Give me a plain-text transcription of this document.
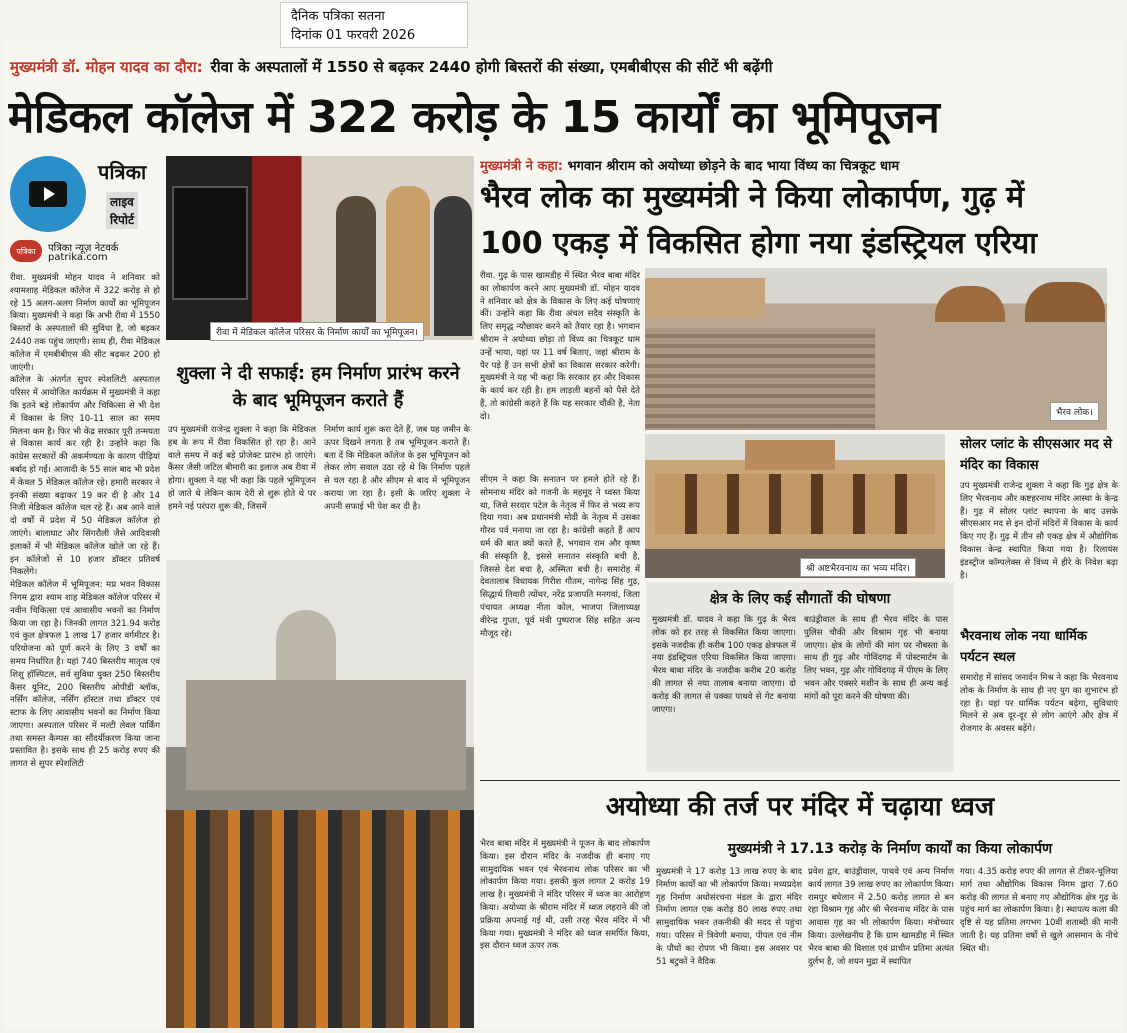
दैनिक पत्रिका सतना
दिनांक 01 फरवरी 2026
मुख्यमंत्री डॉ. मोहन यादव का दौरा: रीवा के अस्पतालों में 1550 से बढ़कर 2440 होगी बिस्तरों की संख्या, एमबीबीएस की सीटें भी बढ़ेंगी
मेडिकल कॉलेज में 322 करोड़ के 15 कार्यों का भूमिपूजन
पत्रिका
लाइव
रिपोर्ट
पत्रिका	पत्रिका न्यूज़ नेटवर्क
patrika.com

रीवा. मुख्यमंत्री मोहन यादव ने शनिवार को श्यामशाह मेडिकल कॉलेज में 322 करोड़ से हो रहे 15 अलग-अलग निर्माण कार्यों का भूमिपूजन किया। मुख्यमंत्री ने कहा कि अभी रीवा में 1550 बिस्तरों के अस्पतालों की सुविधा है, जो बढ़कर 2440 तक पहुंच जाएगी। साथ ही, रीवा मेडिकल कॉलेज में एमबीबीएस की सीट बढ़कर 200 हो जाएंगी।

कॉलेज के अंतर्गत सुपर स्पेशलिटी अस्पताल परिसर में आयोजित कार्यक्रम में मुख्यमंत्री ने कहा कि इतने बड़े लोकार्पण और चिकित्सा से भी देश में विकास के लिए 10-11 साल का समय मिलना कम है। फिर भी केंद्र सरकार पूरी तन्मयता से विकास कार्य कर रही है। उन्होंने कहा कि कांग्रेस सरकारों की अकर्मण्यता के कारण पीढ़ियां बर्बाद हो गईं। आजादी के 55 साल बाद भी प्रदेश में केवल 5 मेडिकल कॉलेज रहे। हमारी सरकार ने इनकी संख्या बढ़ाकर 19 कर दी है और 14 निजी मेडिकल कॉलेज चल रहे हैं। अब आने वाले दो वर्षों में प्रदेश में 50 मेडिकल कॉलेज हो जाएंगे। बालाघाट और सिंगरौली जैसे आदिवासी इलाकों में भी मेडिकल कॉलेज खोले जा रहे हैं। इन कॉलेजों से 10 हजार डॉक्टर प्रतिवर्ष निकलेंगे।

मेडिकल कॉलेज में भूमिपूजन: मप्र भवन विकास निगम द्वारा श्याम शाह मेडिकल कॉलेज परिसर में नवीन चिकित्सा एवं आवासीय भवनों का निर्माण किया जा रहा है। जिनकी लागत 321.94 करोड़ एवं कुल क्षेत्रफल 1 लाख 17 हजार वर्गमीटर है। परियोजना को पूर्ण करने के लिए 3 वर्षों का समय निर्धारित है। यहां 740 बिस्तरीय मातृत्व एवं शिशु हॉस्पिटल, सर्व सुविधा युक्त 250 बिस्तरीय कैंसर यूनिट, 200 बिस्तरीय ओपीडी ब्लॉक, नर्सिंग कॉलेज, नर्सिंग हॉस्टल तथा डॉक्टर एवं स्टाफ के लिए आवासीय भवनों का निर्माण किया जाएगा। अस्पताल परिसर में मल्टी लेवल पार्किंग तथा समस्त कैम्पस का सौंदर्यीकरण किया जाना प्रस्तावित है। इसके साथ ही 25 करोड़ रुपए की लागत से सुपर स्पेशलिटी

रीवा में मेडिकल कॉलेज परिसर के निर्माण कार्यों का भूमिपूजन।
शुक्ला ने दी सफाई: हम निर्माण प्रारंभ करने के बाद भूमिपूजन कराते हैं
उप मुख्यमंत्री राजेन्द्र शुक्ला ने कहा कि मेडिकल हब के रूप में रीवा विकसित हो रहा है। आने वाले समय में कई बड़े प्रोजेक्ट प्रारंभ हो जाएंगे। कैंसर जैसी जटिल बीमारी का इलाज अब रीवा में होगा। शुक्ला ने यह भी कहा कि पहले भूमिपूजन हो जाते थे लेकिन काम देरी से शुरू होते थे पर हमने नई परंपरा शुरू की, जिसमें
निर्माण कार्य शुरू करा देते हैं, जब यह जमीन के ऊपर दिखने लगता है तब भूमिपूजन कराते हैं। बता दें कि मेडिकल कॉलेज के इस भूमिपूजन को लेकर लोग सवाल उठा रहे थे कि निर्माण पहले से चल रहा है और सीएम से बाद में भूमिपूजन कराया जा रहा है। इसी के जरिए शुक्ला ने अपनी सफाई भी पेश कर दी है।
मुख्यमंत्री ने कहा: भगवान श्रीराम को अयोध्या छोड़ने के बाद भाया विंध्य का चित्रकूट धाम
भैरव लोक का मुख्यमंत्री ने किया लोकार्पण, गुढ़ में
100 एकड़ में विकसित होगा नया इंडस्ट्रियल एरिया
रीवा. गुढ़ के पास खामडीह में स्थित भैरव बाबा मंदिर का लोकार्पण करने आए मुख्यमंत्री डॉ. मोहन यादव ने शनिवार को क्षेत्र के विकास के लिए कई घोषणाएं कीं। उन्होंने कहा कि रीवा अंचल सदैव संस्कृति के लिए समृद्ध न्यौछावर करने को तैयार रहा है। भगवान श्रीराम ने अयोध्या छोड़ा तो विंध्य का चित्रकूट धाम उन्हें भाया, यहां पर 11 वर्ष बिताए, जहां श्रीराम के पैर पड़े हैं उन सभी क्षेत्रों का विकास सरकार करेगी। मुख्यमंत्री ने यह भी कहा कि सरकार हर और विकास के कार्य कर रही है। हम लाड़ली बहनों को पैसे देते हैं, तो कांग्रेसी कहते हैं कि यह सरकार चौंकी है, नेता दो।
सीएम ने कहा कि सनातन पर हमले होते रहे हैं। सोमनाथ मंदिर को गजनी के महमूद ने ध्वस्त किया था, जिसे सरदार पटेल के नेतृत्व में फिर से भव्य रूप दिया गया। अब प्रधानमंत्री मोदी के नेतृत्व में उसका गौरव पर्व मनाया जा रहा है। कांग्रेसी कहते हैं आप धर्म की बात क्यों करते हैं, भगवान राम और कृष्ण की संस्कृति है, इससे सनातन संस्कृति बची है, जिससे देश बचा है, अस्मिता बची है। समारोह में देवतालाब विधायक गिरीश गौतम, नागेन्द्र सिंह गुढ़, सिद्धार्थ तिवारी त्योंथर, नरेंद्र प्रजापति मनगवां, जिला पंचायत अध्यक्ष नीता कोल, भाजपा जिलाध्यक्ष वीरेन्द्र गुप्ता, पूर्व मंत्री पुष्पराज सिंह सहित अन्य मौजूद रहे।
भैरव लोक।
श्री अष्टभैरवनाथ का भव्य मंदिर।
सोलर प्लांट के सीएसआर मद से मंदिर का विकास
उप मुख्यमंत्री राजेन्द्र शुक्ला ने कहा कि गुढ़ क्षेत्र के लिए भैरवनाथ और कष्टहरनाथ मंदिर आस्था के केन्द्र हैं। गुढ़ में सोलर प्लांट स्थापना के बाद उसके सीएसआर मद से इन दोनों मंदिरों में विकास के कार्य किए गए हैं। गुढ़ में तीन सौ एकड़ क्षेत्र में औद्योगिक विकास केन्द्र स्थापित किया गया है। रिलायंस इंडस्ट्रीज कॉम्पलेक्स से विंध्य में हीरे के निवेश बढ़ा है।
भैरवनाथ लोक नया धार्मिक पर्यटन स्थल
समारोह में सांसद जनार्दन मिश्र ने कहा कि भैरवनाथ लोक के निर्माण के साथ ही नए युग का शुभारंभ हो रहा है। यहां पर धार्मिक पर्यटन बढ़ेगा, सुविधाएं मिलने से अब दूर-दूर से लोग आएंगे और क्षेत्र में रोजगार के अवसर बढ़ेंगे।
क्षेत्र के लिए कई सौगातों की घोषणा
मुख्यमंत्री डॉ. यादव ने कहा कि गुढ़ के भैरव लोक को हर तरह से विकसित किया जाएगा। इसके नजदीक ही करीब 100 एकड़ क्षेत्रफल में नया इंडस्ट्रियल एरिया विकसित किया जाएगा। भैरव बाबा मंदिर के नजदीक करीब 20 करोड़ की लागत से नया तालाब बनाया जाएगा। दो करोड़ की लागत से पक्का पाथवे से गेट बनाया जाएगा।
बाउंड्रीवाल के साथ ही भैरव मंदिर के पास पुलिस चौकी और विश्राम गृह भी बनाया जाएगा। क्षेत्र के लोगों की मांग पर नौबस्ता के साथ ही गुढ़ और गोविंदगढ़ में पोस्टमार्टम के लिए भवन, गुढ़ और गोविंदगढ़ में पीएम के लिए भवन और एक्सरे मशीन के साथ ही अन्य कई मांगों को पूरा करने की घोषणा की।
अयोध्या की तर्ज पर मंदिर में चढ़ाया ध्वज
मुख्यमंत्री ने 17.13 करोड़ के निर्माण कार्यों का किया लोकार्पण
भैरव बाबा मंदिर में मुख्यमंत्री ने पूजन के बाद लोकार्पण किया। इस दौरान मंदिर के नजदीक ही बनाए गए सामुदायिक भवन एवं भैरवनाथ लोक परिसर का भी लोकार्पण किया गया। इसकी कुल लागत 2 करोड़ 19 लाख है। मुख्यमंत्री ने मंदिर परिसर में ध्वज का आरोहण किया। अयोध्या के श्रीराम मंदिर में ध्वज लहराने की जो प्रक्रिया अपनाई गई थी, उसी तरह भैरव मंदिर में भी किया गया। मुख्यमंत्री ने मंदिर को ध्वज समर्पित किया, इस दौरान ध्वज ऊपर तक
मुख्यमंत्री ने 17 करोड़ 13 लाख रुपए के बाद निर्माण कार्यों का भी लोकार्पण किया। मध्यप्रदेश गृह निर्माण अधोसंरचना मंडल के द्वारा मंदिर निर्माण लागत एक करोड़ 80 लाख रुपए तथा सामुदायिक भवन तकनीकी की मदद से पहुंचा गया। परिसर में त्रिवेणी बनाया, पीपल एवं नीम के पौधों का रोपण भी किया। इस अवसर पर 51 बटुकों ने वैदिक
प्रवेश द्वार, बाउंड्रीवाल, पाथवे एवं अन्य निर्माण कार्य लागत 39 लाख रुपए का लोकार्पण किया। रामपुर बघेलान में 2.50 करोड़ लागत से बन रहा विश्राम गृह और श्री भैरवनाथ मंदिर के पास आवास गृह का भी लोकार्पण किया। मंत्रोच्चार किया। उल्लेखनीय है कि ग्राम खामडीह में स्थित भैरव बाबा की विशाल एवं प्राचीन प्रतिमा अत्यंत दुर्लभ है, जो शयन मुद्रा में स्थापित
गया। 4.35 करोड़ रुपए की लागत से टीकर-चूलिया मार्ग तथा औद्योगिक विकास निगम द्वारा 7.60 करोड़ की लागत से बनाए गए औद्योगिक क्षेत्र गुढ़ के पहुंच मार्ग का लोकार्पण किया। है। स्थापत्य कला की दृष्टि से यह प्रतिमा लगभग 10वीं शताब्दी की मानी जाती है। यह प्रतिमा वर्षों से खुले आसमान के नीचे स्थित थी।
